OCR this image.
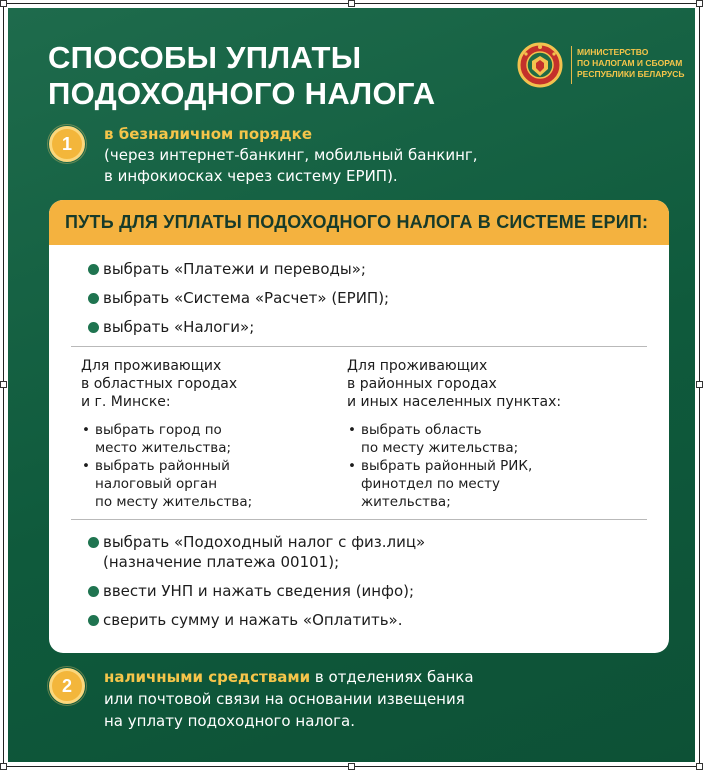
СПОСОБЫ УПЛАТЫ
ПОДОХОДНОГО НАЛОГА
МИНИСТЕРСТВО
ПО НАЛОГАМ И СБОРАМ
РЕСПУБЛИКИ БЕЛАРУСЬ
1	в безналичном порядке
(через интернет-банкинг, мобильный банкинг,
в инфокиосках через систему ЕРИП).
ПУТЬ ДЛЯ УПЛАТЫ ПОДОХОДНОГО НАЛОГА В СИСТЕМЕ ЕРИП:
выбрать «Платежи и переводы»;
выбрать «Система «Расчет» (ЕРИП);
выбрать «Налоги»;
Для проживающих
в областных городах
и г. Минске:
• выбрать город по
место жительства;
• выбрать районный
налоговый орган
по месту жительства;
Для проживающих
в районных городах
и иных населенных пунктах:
• выбрать область
по месту жительства;
• выбрать районный РИК,
финотдел по месту
жительства;
выбрать «Подоходный налог с физ.лиц»
(назначение платежа 00101);
ввести УНП и нажать сведения (инфо);
сверить сумму и нажать «Оплатить».
2	наличными средствами в отделениях банка
или почтовой связи на основании извещения
на уплату подоходного налога.
